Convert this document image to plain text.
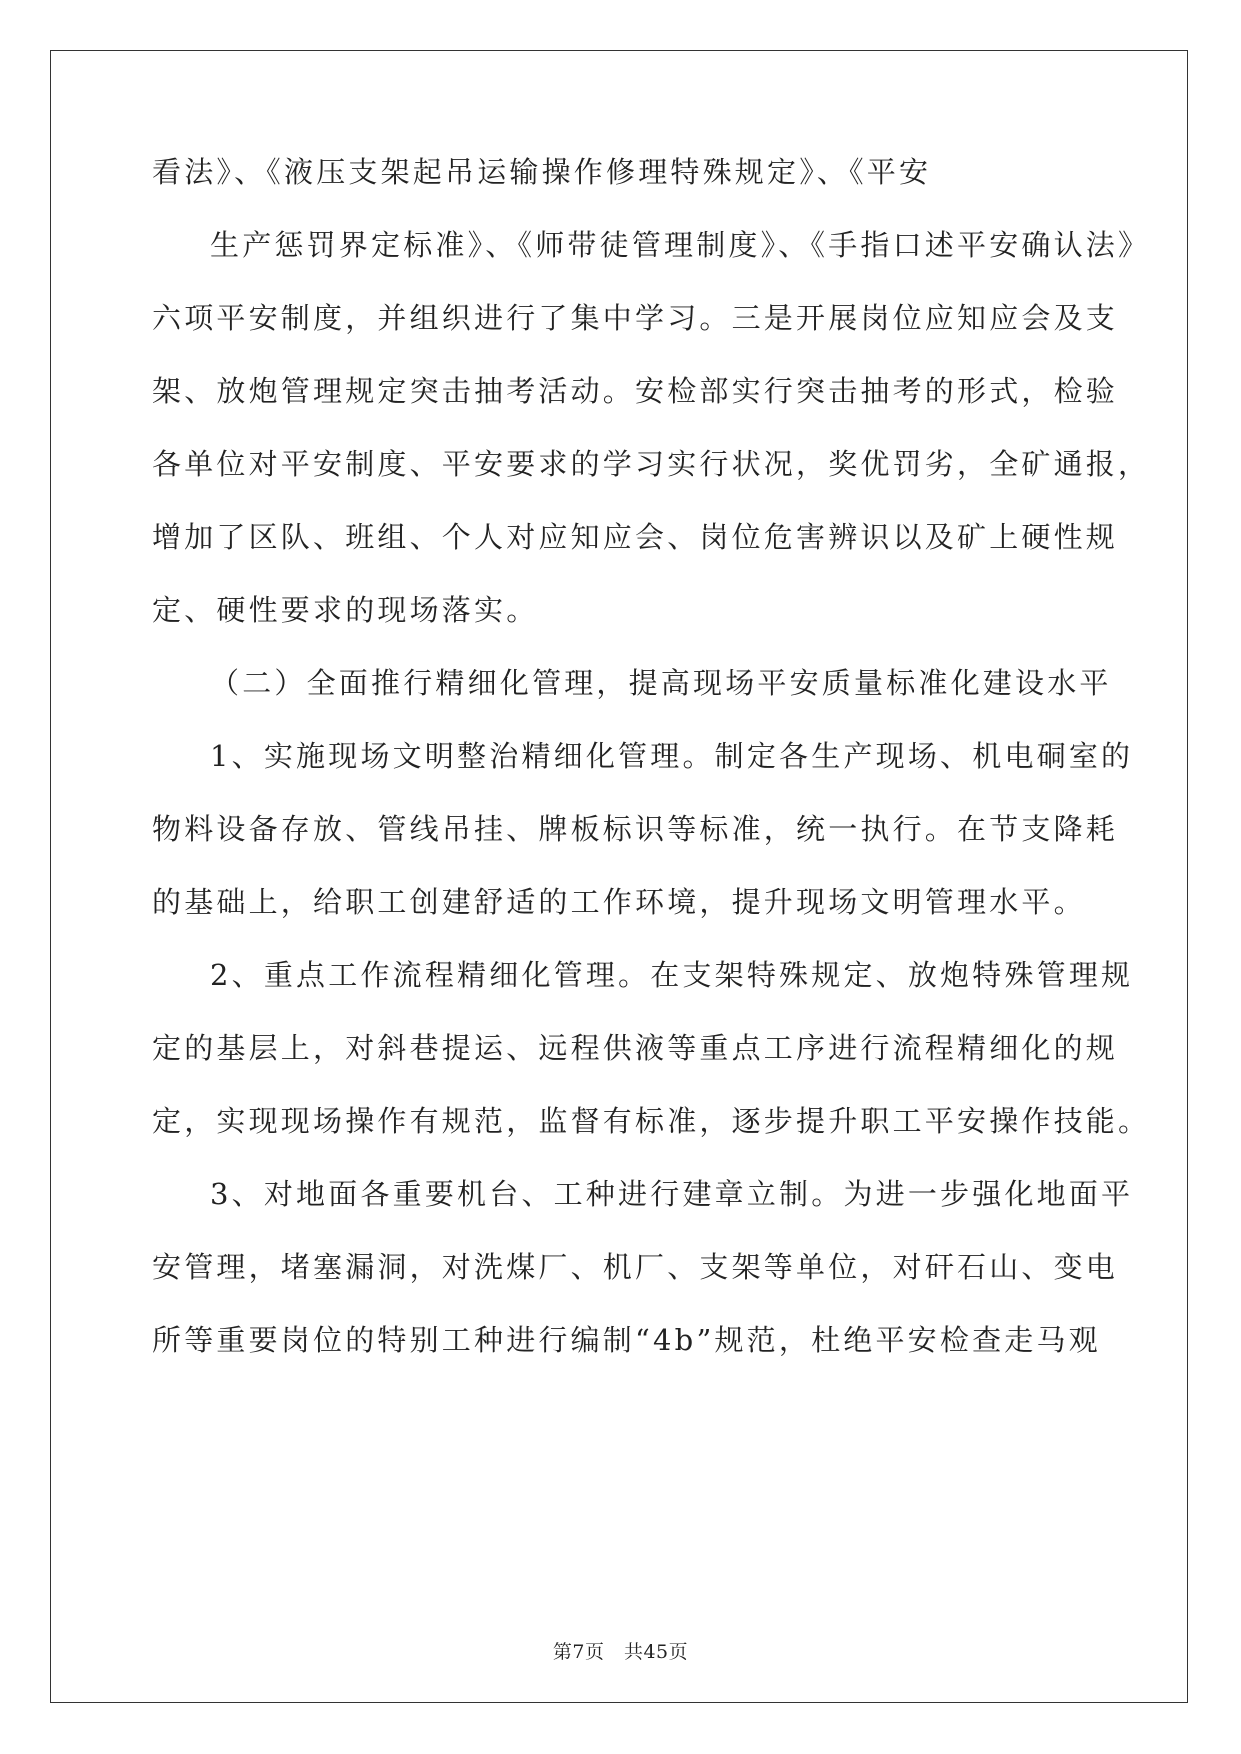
看法》、《液压支架起吊运输操作修理特殊规定》、《平安
生产惩罚界定标准》、《师带徒管理制度》、《手指口述平安确认法》
六项平安制度，并组织进行了集中学习。三是开展岗位应知应会及支
架、放炮管理规定突击抽考活动。安检部实行突击抽考的形式，检验
各单位对平安制度、平安要求的学习实行状况，奖优罚劣，全矿通报，
增加了区队、班组、个人对应知应会、岗位危害辨识以及矿上硬性规
定、硬性要求的现场落实。
（二）全面推行精细化管理，提高现场平安质量标准化建设水平
1、实施现场文明整治精细化管理。制定各生产现场、机电硐室的
物料设备存放、管线吊挂、牌板标识等标准，统一执行。在节支降耗
的基础上，给职工创建舒适的工作环境，提升现场文明管理水平。
2、重点工作流程精细化管理。在支架特殊规定、放炮特殊管理规
定的基层上，对斜巷提运、远程供液等重点工序进行流程精细化的规
定，实现现场操作有规范，监督有标准，逐步提升职工平安操作技能。
3、对地面各重要机台、工种进行建章立制。为进一步强化地面平
安管理，堵塞漏洞，对洗煤厂、机厂、支架等单位，对矸石山、变电
所等重要岗位的特别工种进行编制“4b”规范，杜绝平安检查走马观
第7页　共45页
